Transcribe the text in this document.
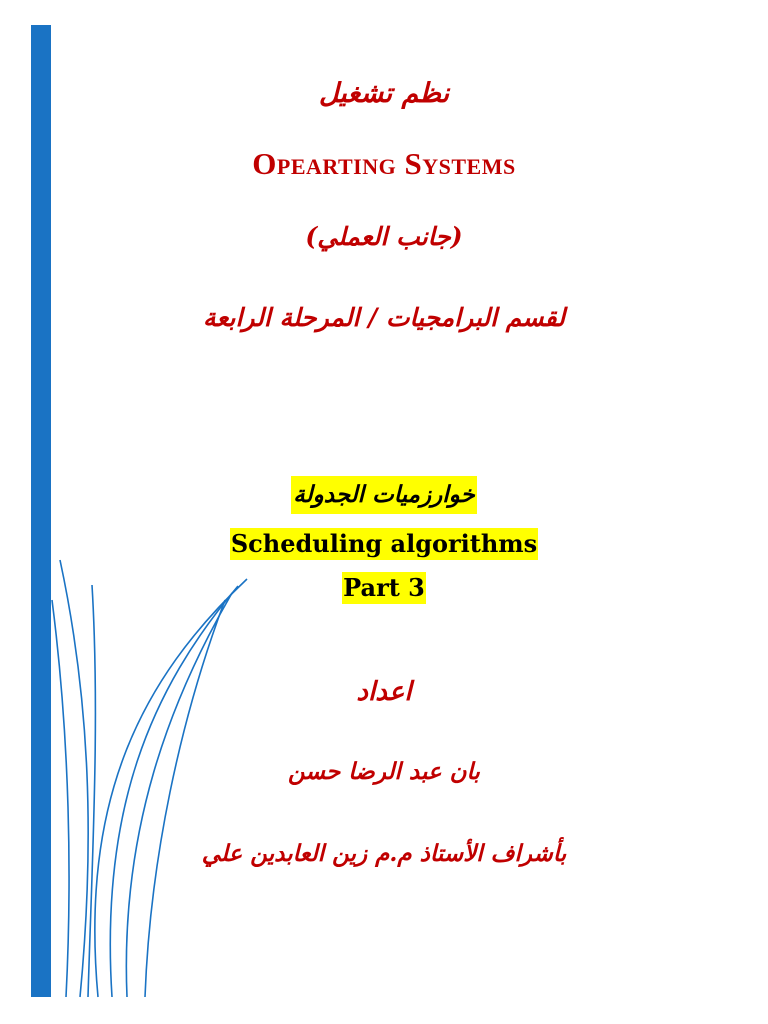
نظم تشغيل
Opearting Systems
(جانب العملي)
لقسم البرامجيات / المرحلة الرابعة
خوارزميات الجدولة
Scheduling algorithms
Part 3
اعداد
بان عبد الرضا حسن
بأشراف الأستاذ م.م زين العابدين علي
